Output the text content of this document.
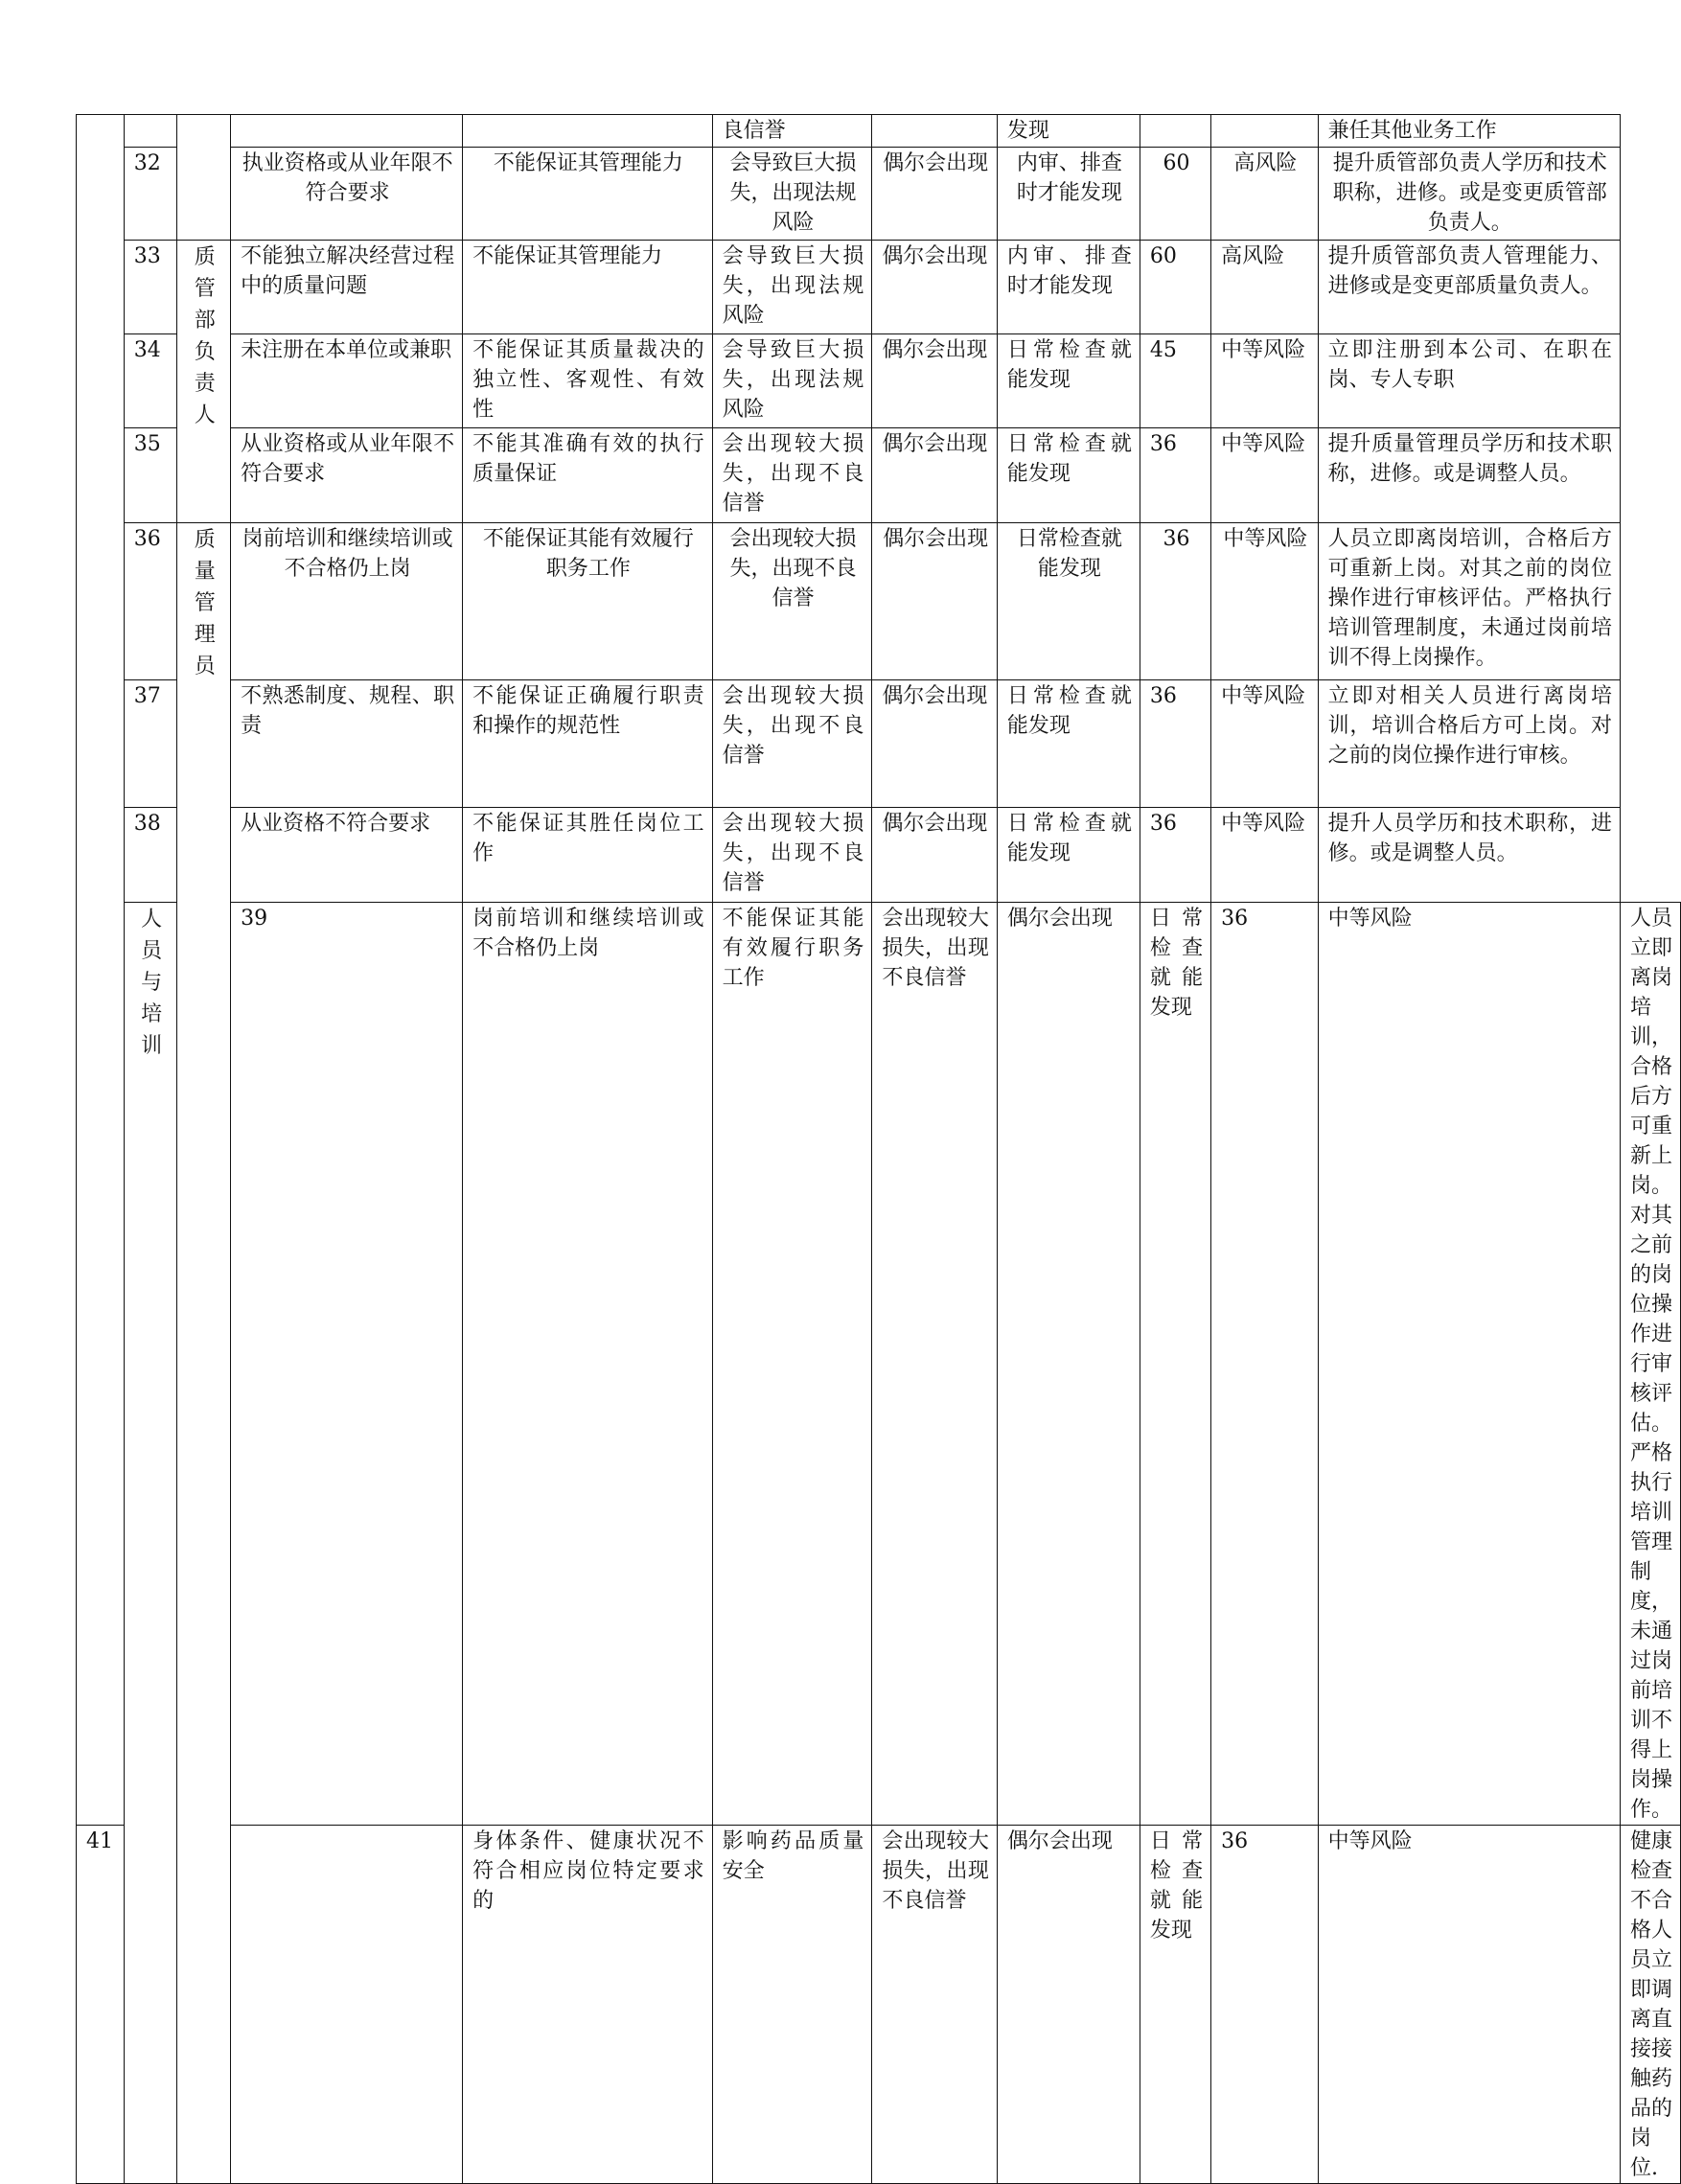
					良信誉		发现			兼任其他业务工作	
	32		执业资格或从业年限不符合要求	不能保证其管理能力	会导致巨大损失，出现法规风险	偶尔会出现	内审、排查时才能发现	60	高风险	提升质管部负责人学历和技术职称，进修。或是变更质管部负责人。	
	33	质管部负责人	不能独立解决经营过程中的质量问题	不能保证其管理能力	会导致巨大损失，出现法规风险	偶尔会出现	内审、排查时才能发现	60	高风险	提升质管部负责人管理能力、进修或是变更部质量负责人。	
	34		未注册在本单位或兼职	不能保证其质量裁决的独立性、客观性、有效性	会导致巨大损失，出现法规风险	偶尔会出现	日常检查就能发现	45	中等风险	立即注册到本公司、在职在岗、专人专职	
	35		从业资格或从业年限不符合要求	不能其准确有效的执行质量保证	会出现较大损失，出现不良信誉	偶尔会出现	日常检查就能发现	36	中等风险	提升质量管理员学历和技术职称，进修。或是调整人员。	
	36	质量管理员	岗前培训和继续培训或不合格仍上岗	不能保证其能有效履行职务工作	会出现较大损失，出现不良信誉	偶尔会出现	日常检查就能发现	36	中等风险	人员立即离岗培训，合格后方可重新上岗。对其之前的岗位操作进行审核评估。严格执行培训管理制度，未通过岗前培训不得上岗操作。	
	37		不熟悉制度、规程、职责	不能保证正确履行职责和操作的规范性	会出现较大损失，出现不良信誉	偶尔会出现	日常检查就能发现	36	中等风险	立即对相关人员进行离岗培训，培训合格后方可上岗。对之前的岗位操作进行审核。	
	38		从业资格不符合要求	不能保证其胜任岗位工作	会出现较大损失，出现不良信誉	偶尔会出现	日常检查就能发现	36	中等风险	提升人员学历和技术职称，进修。或是调整人员。	

	人员与培训		39	岗前培训和继续培训或不合格仍上岗	不能保证其能有效履行职务工作	会出现较大损失，出现不良信誉	偶尔会出现	日常检查就能发现	36	中等风险	人员立即离岗培训，合格后方可重新上岗。对其之前的岗位操作进行审核评估。严格执行培训管理制度，未通过岗前培训不得上岗操作。
41				身体条件、健康状况不符合相应岗位特定要求的	影响药品质量安全	会出现较大损失，出现不良信誉	偶尔会出现	日常检查就能发现	36	中等风险	健康检查不合格人员立即调离直接接触药品的岗位.
